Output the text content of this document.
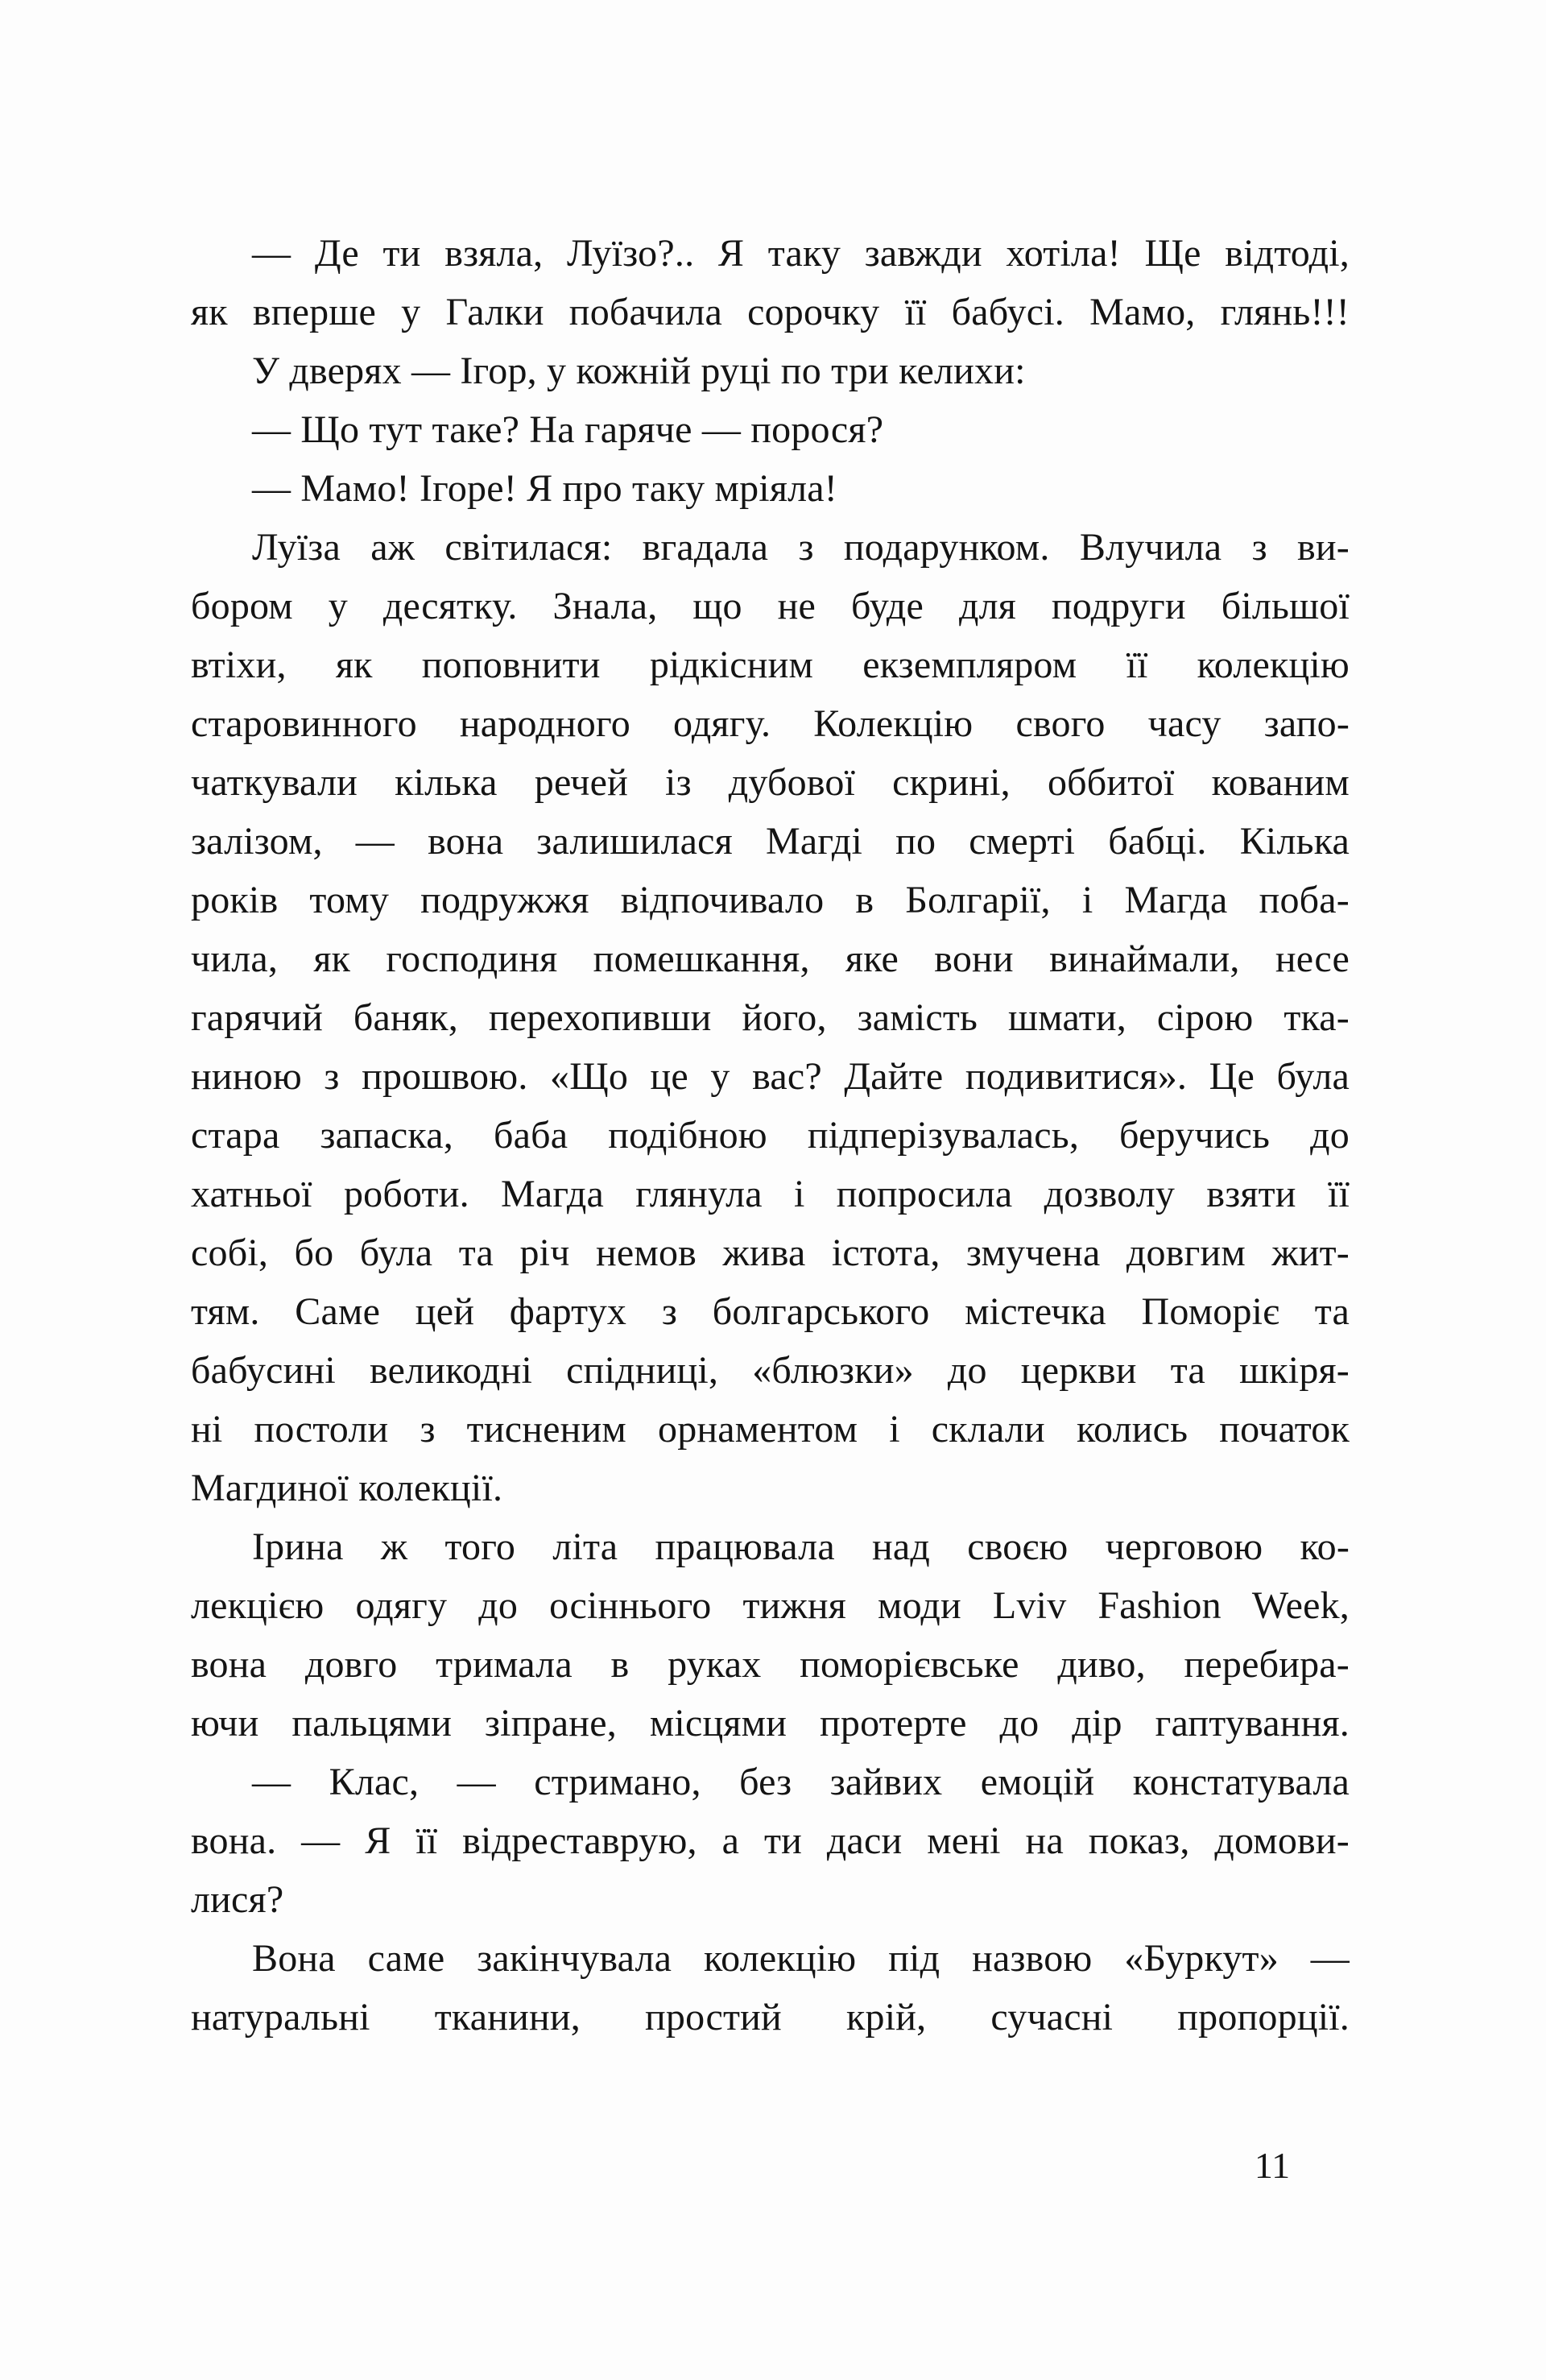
— Де ти взяла, Луїзо?.. Я таку завжди хотіла! Ще відтоді,
як вперше у Галки побачила сорочку її бабусі. Мамо, глянь!!!
У дверях — Ігор, у кожній руці по три келихи:
— Що тут таке? На гаряче — порося?
— Мамо! Ігоре! Я про таку мріяла!
Луїза аж світилася: вгадала з подарунком. Влучила з ви-
бором у десятку. Знала, що не буде для подруги більшої
втіхи, як поповнити рідкісним екземпляром її колекцію
старовинного народного одягу. Колекцію свого часу запо-
чаткували кілька речей із дубової скрині, оббитої кованим
залізом, — вона залишилася Магді по смерті бабці. Кілька
років тому подружжя відпочивало в Болгарії, і Магда поба-
чила, як господиня помешкання, яке вони винаймали, несе
гарячий баняк, перехопивши його, замість шмати, сірою тка-
ниною з прошвою. «Що це у вас? Дайте подивитися». Це була
стара запаска, баба подібною підперізувалась, беручись до
хатньої роботи. Магда глянула і попросила дозволу взяти її
собі, бо була та річ немов жива істота, змучена довгим жит-
тям. Саме цей фартух з болгарського містечка Поморіє та
бабусині великодні спідниці, «блюзки» до церкви та шкіря-
ні постоли з тисненим орнаментом і склали колись початок
Магдиної колекції.
Ірина ж того літа працювала над своєю черговою ко-
лекцією одягу до осіннього тижня моди Lviv Fashion Week,
вона довго тримала в руках поморієвське диво, перебира-
ючи пальцями зіпране, місцями протерте до дір гаптування.
— Клас, — стримано, без зайвих емоцій констатувала
вона. — Я її відреставрую, а ти даси мені на показ, домови-
лися?
Вона саме закінчувала колекцію під назвою «Буркут» —
натуральні тканини, простий крій, сучасні пропорції.
11
